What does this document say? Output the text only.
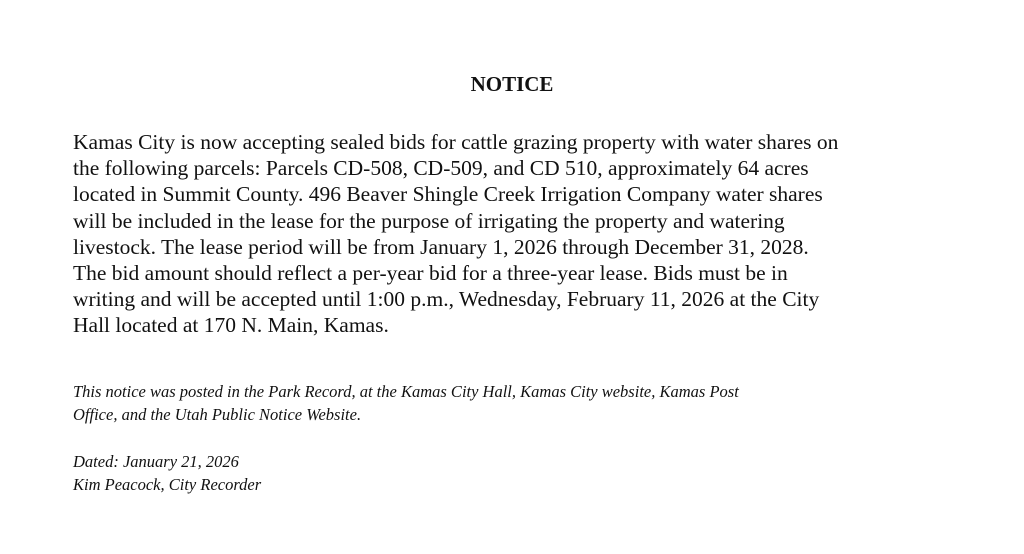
NOTICE
Kamas City is now accepting sealed bids for cattle grazing property with water shares on
the following parcels: Parcels CD-508, CD-509, and CD 510, approximately 64 acres
located in Summit County. 496 Beaver Shingle Creek Irrigation Company water shares
will be included in the lease for the purpose of irrigating the property and watering
livestock. The lease period will be from January 1, 2026 through December 31, 2028.
The bid amount should reflect a per-year bid for a three-year lease. Bids must be in
writing and will be accepted until 1:00 p.m., Wednesday, February 11, 2026 at the City
Hall located at 170 N. Main, Kamas.
This notice was posted in the Park Record, at the Kamas City Hall, Kamas City website, Kamas Post
Office, and the Utah Public Notice Website.
Dated: January 21, 2026
Kim Peacock, City Recorder
